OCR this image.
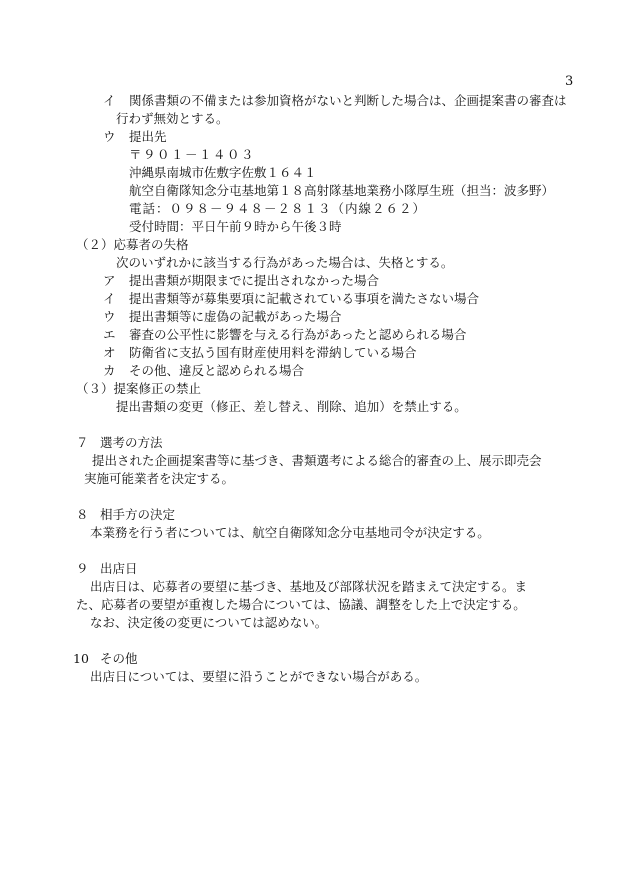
3
イ 関係書類の不備または参加資格がないと判断した場合は、企画提案書の審査は
行わず無効とする。
ウ 提出先
〒９０１－１４０３
沖縄県南城市佐敷字佐敷１６４１
航空自衛隊知念分屯基地第１８高射隊基地業務小隊厚生班（担当：波多野）
電話：０９８－９４８－２８１３（内線２６２）
受付時間：平日午前９時から午後３時
（２）応募者の失格
次のいずれかに該当する行為があった場合は、失格とする。
ア 提出書類が期限までに提出されなかった場合
イ 提出書類等が募集要項に記載されている事項を満たさない場合
ウ 提出書類等に虚偽の記載があった場合
エ 審査の公平性に影響を与える行為があったと認められる場合
オ 防衛省に支払う国有財産使用料を滞納している場合
カ その他、違反と認められる場合
（３）提案修正の禁止
提出書類の変更（修正、差し替え、削除、追加）を禁止する。
７ 選考の方法
提出された企画提案書等に基づき、書類選考による総合的審査の上、展示即売会
実施可能業者を決定する。
８ 相手方の決定
本業務を行う者については、航空自衛隊知念分屯基地司令が決定する。
９ 出店日
出店日は、応募者の要望に基づき、基地及び部隊状況を踏まえて決定する。ま
た、応募者の要望が重複した場合については、協議、調整をした上で決定する。
なお、決定後の変更については認めない。
10 その他
出店日については、要望に沿うことができない場合がある。
